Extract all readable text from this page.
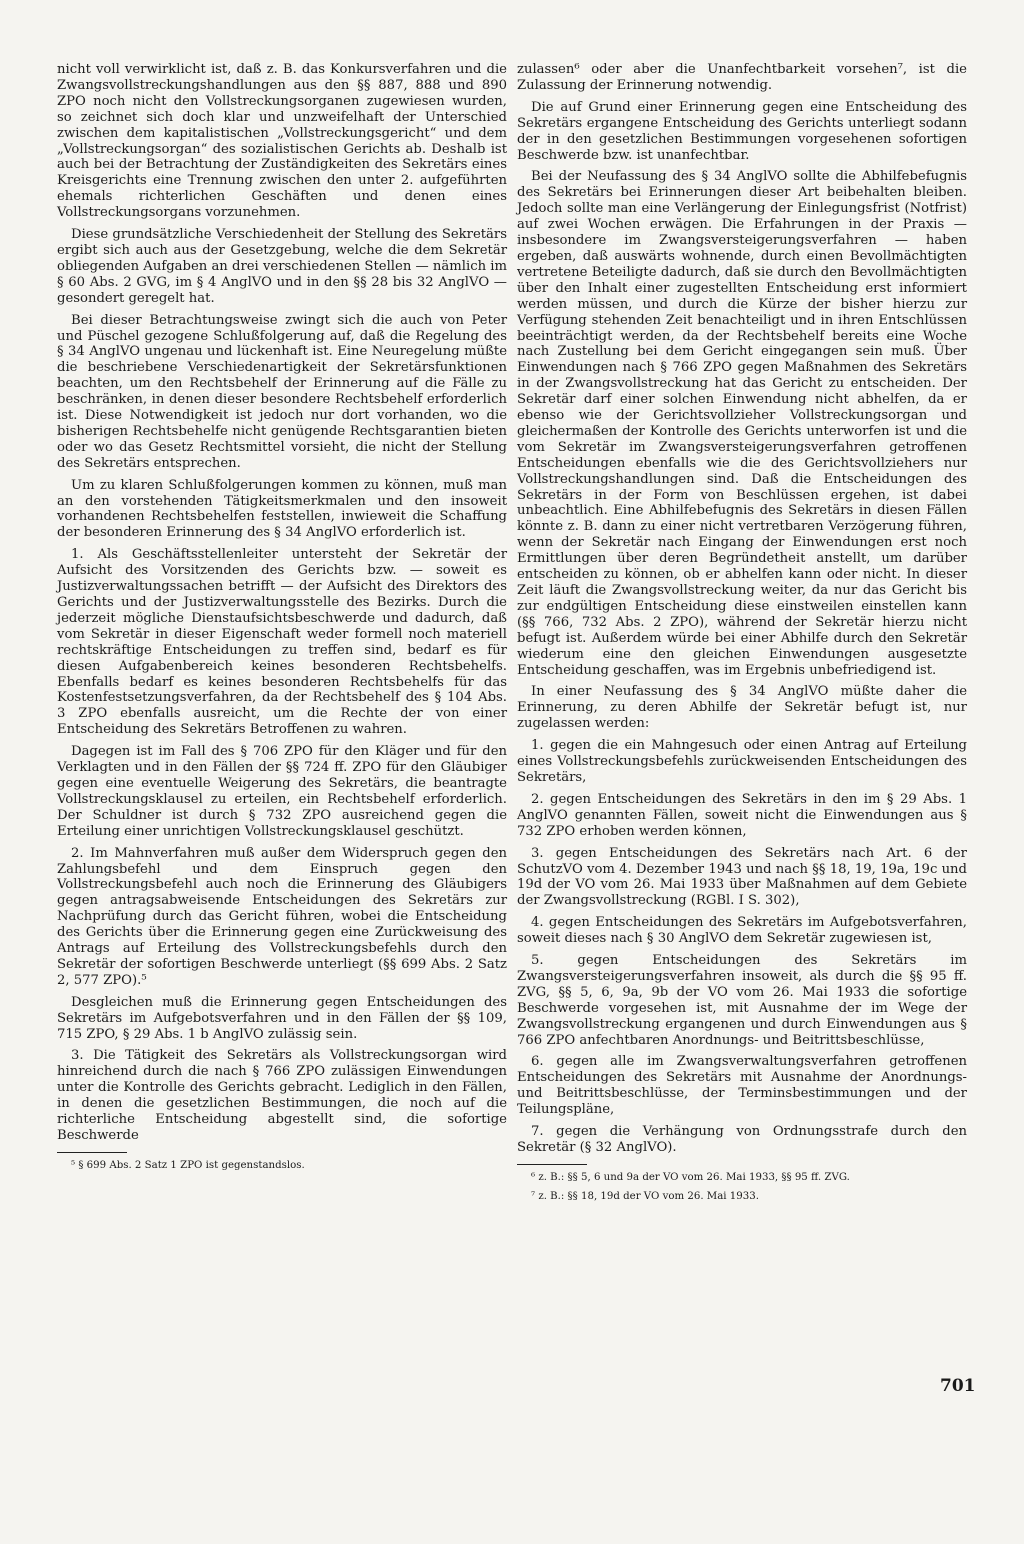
nicht voll verwirklicht ist, daß z. B. das Konkursverfahren und die Zwangsvollstreckungshandlungen aus den §§ 887, 888 und 890 ZPO noch nicht den Vollstreckungsorganen zugewiesen wurden, so zeichnet sich doch klar und unzweifelhaft der Unterschied zwischen dem kapitalistischen „Vollstreckungsgericht“ und dem „Vollstreckungsorgan“ des sozialistischen Gerichts ab. Deshalb ist auch bei der Betrachtung der Zuständigkeiten des Sekretärs eines Kreisgerichts eine Trennung zwischen den unter 2. aufgeführten ehemals richterlichen Geschäften und denen eines Vollstreckungsorgans vorzunehmen.

Diese grundsätzliche Verschiedenheit der Stellung des Sekretärs ergibt sich auch aus der Gesetzgebung, welche die dem Sekretär obliegenden Aufgaben an drei verschiedenen Stellen — nämlich im § 60 Abs. 2 GVG, im § 4 AnglVO und in den §§ 28 bis 32 AnglVO — gesondert geregelt hat.

Bei dieser Betrachtungsweise zwingt sich die auch von Peter und Püschel gezogene Schlußfolgerung auf, daß die Regelung des § 34 AnglVO ungenau und lückenhaft ist. Eine Neuregelung müßte die beschriebene Verschiedenartigkeit der Sekretärsfunktionen beachten, um den Rechtsbehelf der Erinnerung auf die Fälle zu beschränken, in denen dieser besondere Rechtsbehelf erforderlich ist. Diese Notwendigkeit ist jedoch nur dort vorhanden, wo die bisherigen Rechtsbehelfe nicht genügende Rechtsgarantien bieten oder wo das Gesetz Rechtsmittel vorsieht, die nicht der Stellung des Sekretärs entsprechen.

Um zu klaren Schlußfolgerungen kommen zu können, muß man an den vorstehenden Tätigkeitsmerkmalen und den insoweit vorhandenen Rechtsbehelfen feststellen, inwieweit die Schaffung der besonderen Erinnerung des § 34 AnglVO erforderlich ist.

1. Als Geschäftsstellenleiter untersteht der Sekretär der Aufsicht des Vorsitzenden des Gerichts bzw. — soweit es Justizverwaltungssachen betrifft — der Aufsicht des Direktors des Gerichts und der Justizverwaltungsstelle des Bezirks. Durch die jederzeit mögliche Dienstaufsichtsbeschwerde und dadurch, daß vom Sekretär in dieser Eigenschaft weder formell noch materiell rechtskräftige Entscheidungen zu treffen sind, bedarf es für diesen Aufgabenbereich keines besonderen Rechtsbehelfs. Ebenfalls bedarf es keines besonderen Rechtsbehelfs für das Kostenfestsetzungsverfahren, da der Rechtsbehelf des § 104 Abs. 3 ZPO ebenfalls ausreicht, um die Rechte der von einer Entscheidung des Sekretärs Betroffenen zu wahren.

Dagegen ist im Fall des § 706 ZPO für den Kläger und für den Verklagten und in den Fällen der §§ 724 ff. ZPO für den Gläubiger gegen eine eventuelle Weigerung des Sekretärs, die beantragte Vollstreckungsklausel zu erteilen, ein Rechtsbehelf erforderlich. Der Schuldner ist durch § 732 ZPO ausreichend gegen die Erteilung einer unrichtigen Vollstreckungsklausel geschützt.

2. Im Mahnverfahren muß außer dem Widerspruch gegen den Zahlungsbefehl und dem Einspruch gegen den Vollstreckungsbefehl auch noch die Erinnerung des Gläubigers gegen antragsabweisende Entscheidungen des Sekretärs zur Nachprüfung durch das Gericht führen, wobei die Entscheidung des Gerichts über die Erinnerung gegen eine Zurückweisung des Antrags auf Erteilung des Vollstreckungsbefehls durch den Sekretär der sofortigen Beschwerde unterliegt (§§ 699 Abs. 2 Satz 2, 577 ZPO).⁵

Desgleichen muß die Erinnerung gegen Entscheidungen des Sekretärs im Aufgebotsverfahren und in den Fällen der §§ 109, 715 ZPO, § 29 Abs. 1 b AnglVO zulässig sein.

3. Die Tätigkeit des Sekretärs als Vollstreckungsorgan wird hinreichend durch die nach § 766 ZPO zulässigen Einwendungen unter die Kontrolle des Gerichts gebracht. Lediglich in den Fällen, in denen die gesetzlichen Bestimmungen, die noch auf die richterliche Entscheidung abgestellt sind, die sofortige Beschwerde

⁵ § 699 Abs. 2 Satz 1 ZPO ist gegenstandslos.

zulassen⁶ oder aber die Unanfechtbarkeit vorsehen⁷, ist die Zulassung der Erinnerung notwendig.

Die auf Grund einer Erinnerung gegen eine Entscheidung des Sekretärs ergangene Entscheidung des Gerichts unterliegt sodann der in den gesetzlichen Bestimmungen vorgesehenen sofortigen Beschwerde bzw. ist unanfechtbar.

Bei der Neufassung des § 34 AnglVO sollte die Abhilfebefugnis des Sekretärs bei Erinnerungen dieser Art beibehalten bleiben. Jedoch sollte man eine Verlängerung der Einlegungsfrist (Notfrist) auf zwei Wochen erwägen. Die Erfahrungen in der Praxis — insbesondere im Zwangsversteigerungsverfahren — haben ergeben, daß auswärts wohnende, durch einen Bevollmächtigten vertretene Beteiligte dadurch, daß sie durch den Bevollmächtigten über den Inhalt einer zugestellten Entscheidung erst informiert werden müssen, und durch die Kürze der bisher hierzu zur Verfügung stehenden Zeit benachteiligt und in ihren Entschlüssen beeinträchtigt werden, da der Rechtsbehelf bereits eine Woche nach Zustellung bei dem Gericht eingegangen sein muß. Über Einwendungen nach § 766 ZPO gegen Maßnahmen des Sekretärs in der Zwangsvollstreckung hat das Gericht zu entscheiden. Der Sekretär darf einer solchen Einwendung nicht abhelfen, da er ebenso wie der Gerichtsvollzieher Vollstreckungsorgan und gleichermaßen der Kontrolle des Gerichts unterworfen ist und die vom Sekretär im Zwangsversteigerungsverfahren getroffenen Entscheidungen ebenfalls wie die des Gerichtsvollziehers nur Vollstreckungshandlungen sind. Daß die Entscheidungen des Sekretärs in der Form von Beschlüssen ergehen, ist dabei unbeachtlich. Eine Abhilfebefugnis des Sekretärs in diesen Fällen könnte z. B. dann zu einer nicht vertretbaren Verzögerung führen, wenn der Sekretär nach Eingang der Einwendungen erst noch Ermittlungen über deren Begründetheit anstellt, um darüber entscheiden zu können, ob er abhelfen kann oder nicht. In dieser Zeit läuft die Zwangsvollstreckung weiter, da nur das Gericht bis zur endgültigen Entscheidung diese einstweilen einstellen kann (§§ 766, 732 Abs. 2 ZPO), während der Sekretär hierzu nicht befugt ist. Außerdem würde bei einer Abhilfe durch den Sekretär wiederum eine den gleichen Einwendungen ausgesetzte Entscheidung geschaffen, was im Ergebnis unbefriedigend ist.

In einer Neufassung des § 34 AnglVO müßte daher die Erinnerung, zu deren Abhilfe der Sekretär befugt ist, nur zugelassen werden:

1. gegen die ein Mahngesuch oder einen Antrag auf Erteilung eines Vollstreckungsbefehls zurückweisenden Entscheidungen des Sekretärs,

2. gegen Entscheidungen des Sekretärs in den im § 29 Abs. 1 AnglVO genannten Fällen, soweit nicht die Einwendungen aus § 732 ZPO erhoben werden können,

3. gegen Entscheidungen des Sekretärs nach Art. 6 der SchutzVO vom 4. Dezember 1943 und nach §§ 18, 19, 19a, 19c und 19d der VO vom 26. Mai 1933 über Maßnahmen auf dem Gebiete der Zwangsvollstreckung (RGBl. I S. 302),

4. gegen Entscheidungen des Sekretärs im Aufgebotsverfahren, soweit dieses nach § 30 AnglVO dem Sekretär zugewiesen ist,

5. gegen Entscheidungen des Sekretärs im Zwangsversteigerungsverfahren insoweit, als durch die §§ 95 ff. ZVG, §§ 5, 6, 9a, 9b der VO vom 26. Mai 1933 die sofortige Beschwerde vorgesehen ist, mit Ausnahme der im Wege der Zwangsvollstreckung ergangenen und durch Einwendungen aus § 766 ZPO anfechtbaren Anordnungs- und Beitrittsbeschlüsse,

6. gegen alle im Zwangsverwaltungsverfahren getroffenen Entscheidungen des Sekretärs mit Ausnahme der Anordnungs- und Beitrittsbeschlüsse, der Terminsbestimmungen und der Teilungspläne,

7. gegen die Verhängung von Ordnungsstrafe durch den Sekretär (§ 32 AnglVO).

⁶ z. B.: §§ 5, 6 und 9a der VO vom 26. Mai 1933, §§ 95 ff. ZVG.

⁷ z. B.: §§ 18, 19d der VO vom 26. Mai 1933.

701
